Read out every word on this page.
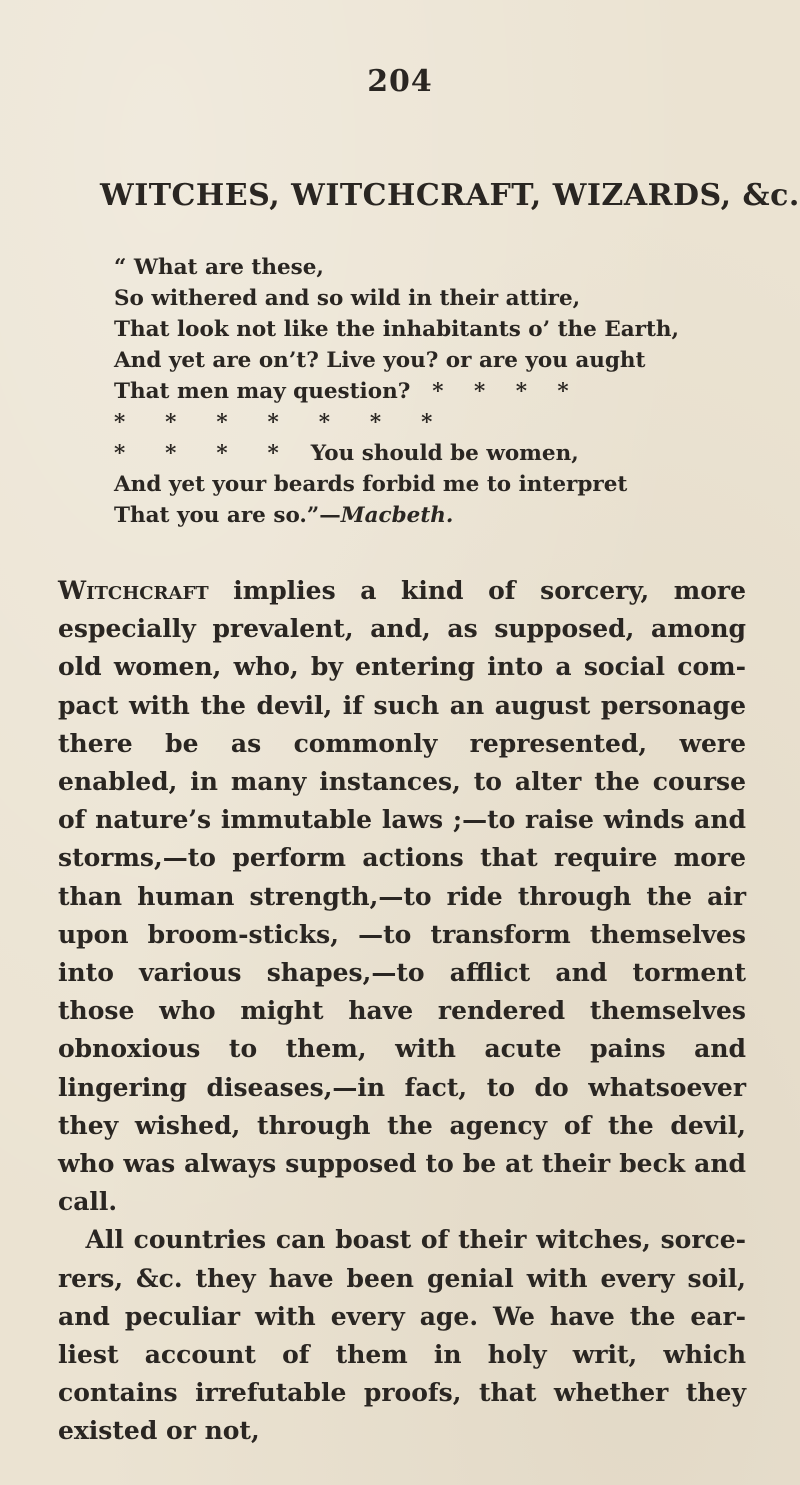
204
WITCHES, WITCHCRAFT, WIZARDS, &c.
“ What are these,
So withered and so wild in their attire,
That look not like the inhabitants o’ the Earth,
And yet are on’t? Live you? or are you aught
That men may question? *   *   *   *
*    *    *    *    *    *    *
*    *    *    * You should be women,
And yet your beards forbid me to interpret
That you are so.”—Macbeth.

Witchcraft implies a kind of sorcery, more especially prevalent, and, as supposed, among old women, who, by entering into a social com-pact with the devil, if such an august personage there be as commonly represented, were enabled, in many instances, to alter the course of nature’s immutable laws ;—to raise winds and storms,—to perform actions that require more than human strength,—to ride through the air upon broom-sticks, —to transform themselves into various shapes,—to afflict and torment those who might have rendered themselves obnoxious to them, with acute pains and lingering diseases,—in fact, to do whatsoever they wished, through the agency of the devil, who was always supposed to be at their beck and call.

All countries can boast of their witches, sorce-rers, &c. they have been genial with every soil, and peculiar with every age. We have the ear-liest account of them in holy writ, which contains irrefutable proofs, that whether they existed or not,
